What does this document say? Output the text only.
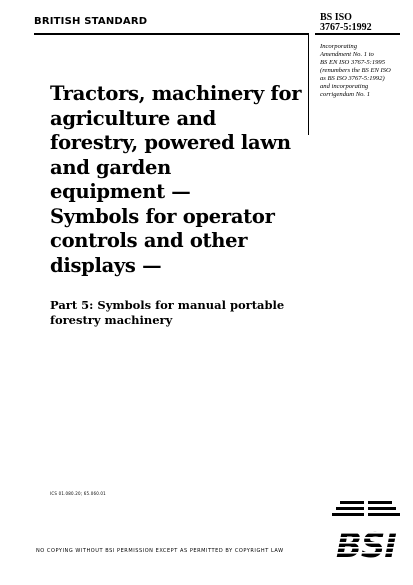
BRITISH STANDARD	BS ISO
3767-5:1992
Incorporating
Amendment No. 1 to
BS EN ISO 3767-5:1995
(renumbers the BS EN ISO
as BS ISO 3767-5:1992)
and incorporating
corrigendum No. 1
Tractors, machinery for
agriculture and
forestry, powered lawn
and garden
equipment —
Symbols for operator
controls and other
displays —
Part 5: Symbols for manual portable
forestry machinery
ICS 01.080.20; 65.060.01
NO COPYING WITHOUT BSI PERMISSION EXCEPT AS PERMITTED BY COPYRIGHT LAW
